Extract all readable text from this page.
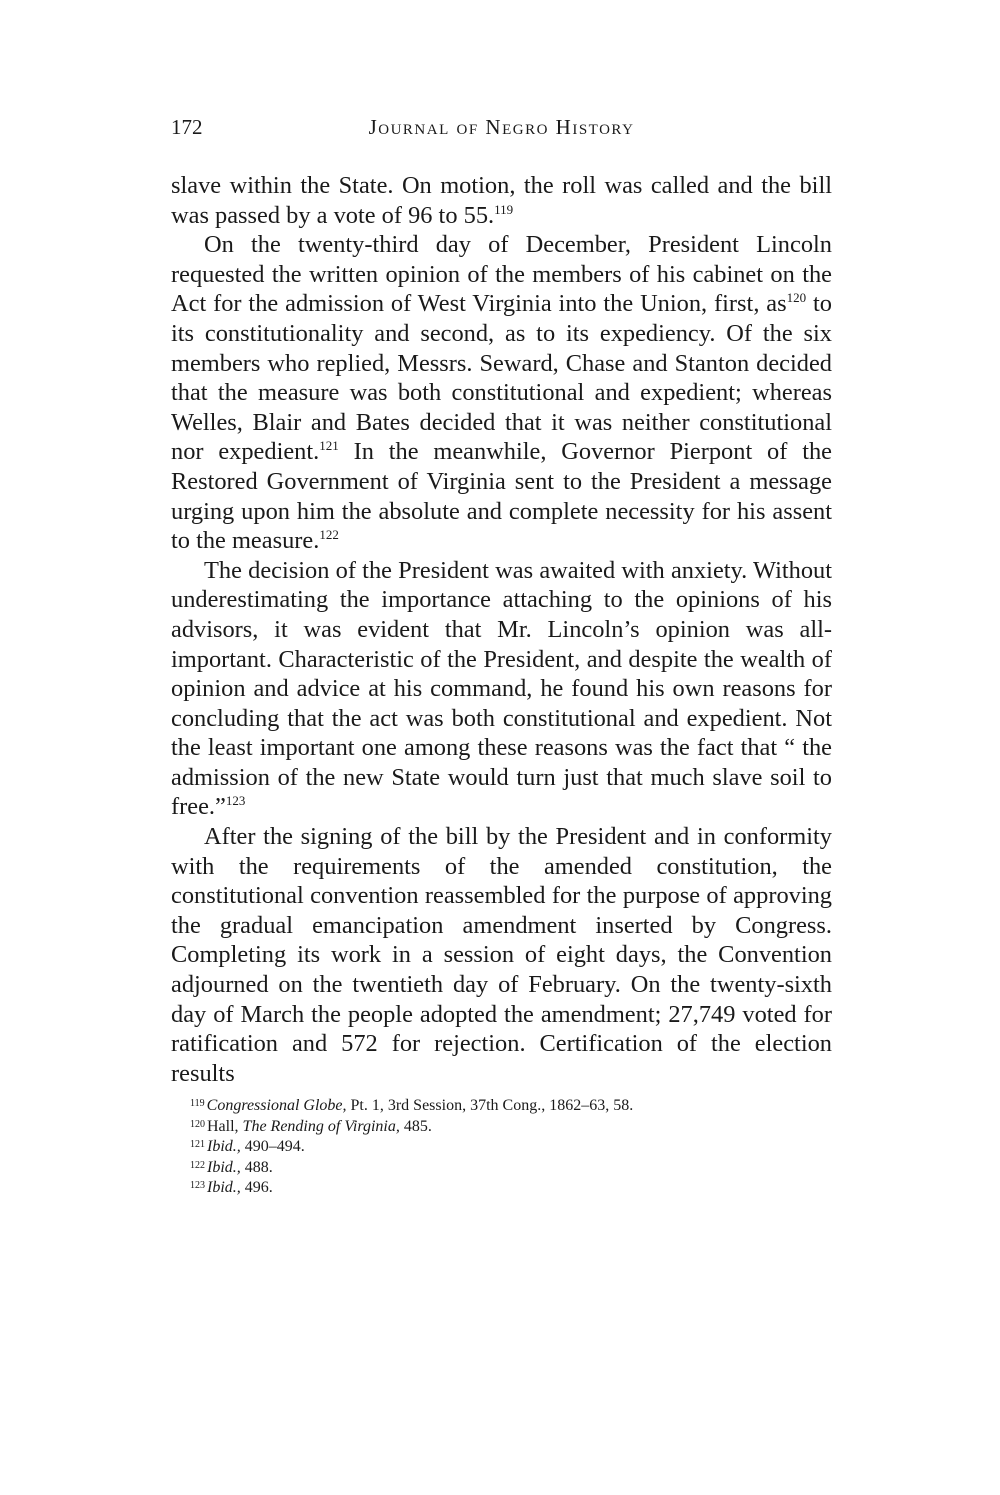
172	Journal of Negro History

slave within the State. On motion, the roll was called and the bill was passed by a vote of 96 to 55.$^{119}$

On the twenty-third day of December, President Lincoln requested the written opinion of the members of his cabinet on the Act for the admission of West Virginia into the Union, first, $as^{120}$ to its constitutionality and second, as to its expediency. Of the six members who replied, Messrs. Seward, Chase and Stanton decided that the measure was both constitutional and expedient; whereas Welles, Blair and Bates decided that it was neither constitutional nor expedient.$^{121}$ In the meanwhile, Governor Pierpont of the Restored Government of Virginia sent to the President a message urging upon him the absolute and complete necessity for his assent to the measure.$^{122}$

The decision of the President was awaited with anxiety. Without underestimating the importance attaching to the opinions of his advisors, it was evident that Mr. Lincoln’s opinion was all-important. Characteristic of the President, and despite the wealth of opinion and advice at his command, he found his own reasons for concluding that the act was both constitutional and expedient. Not the least important one among these reasons was the fact that “ the admission of the new State would turn just that much slave soil to free.”$^{123}$

After the signing of the bill by the President and in conformity with the requirements of the amended constitution, the constitutional convention reassembled for the purpose of approving the gradual emancipation amendment inserted by Congress. Completing its work in a session of eight days, the Convention adjourned on the twentieth day of February. On the twenty-sixth day of March the people adopted the amendment; 27,749 voted for ratification and 572 for rejection. Certification of the election results

$^{119}$ Congressional Globe, Pt. 1, 3rd Session, 37th Cong., 1862–63, 58.

$^{120}$ Hall, The Rending of Virginia, 485.

$^{121}$ Ibid., 490–494.

$^{122}$ Ibid., 488.

$^{123}$ Ibid., 496.
